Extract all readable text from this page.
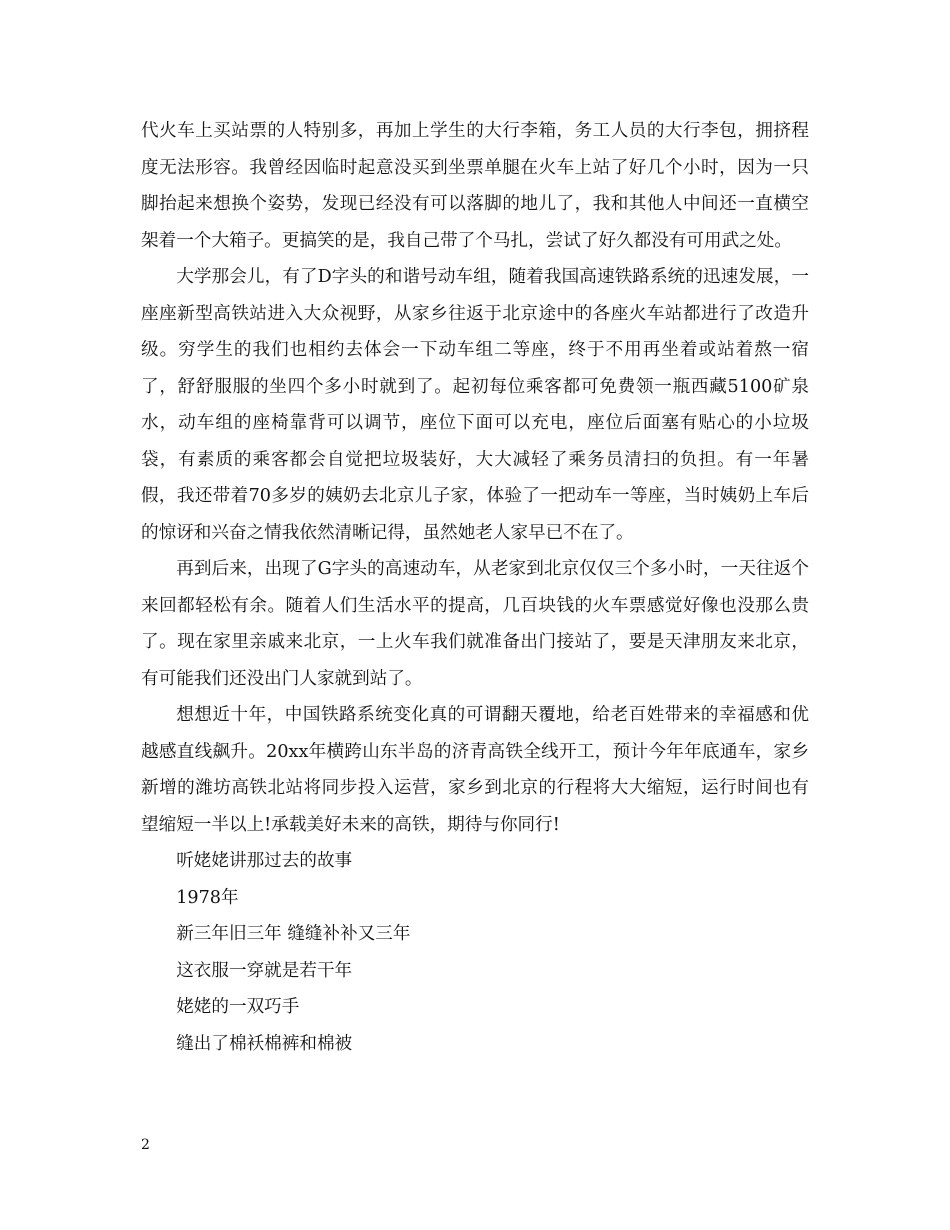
代火车上买站票的人特别多，再加上学生的大行李箱，务工人员的大行李包，拥挤程度无法形容。我曾经因临时起意没买到坐票单腿在火车上站了好几个小时，因为一只脚抬起来想换个姿势，发现已经没有可以落脚的地儿了，我和其他人中间还一直横空架着一个大箱子。更搞笑的是，我自己带了个马扎，尝试了好久都没有可用武之处。

大学那会儿，有了D字头的和谐号动车组，随着我国高速铁路系统的迅速发展，一座座新型高铁站进入大众视野，从家乡往返于北京途中的各座火车站都进行了改造升级。穷学生的我们也相约去体会一下动车组二等座，终于不用再坐着或站着熬一宿了，舒舒服服的坐四个多小时就到了。起初每位乘客都可免费领一瓶西藏5100矿泉水，动车组的座椅靠背可以调节，座位下面可以充电，座位后面塞有贴心的小垃圾袋，有素质的乘客都会自觉把垃圾装好，大大减轻了乘务员清扫的负担。有一年暑假，我还带着70多岁的姨奶去北京儿子家，体验了一把动车一等座，当时姨奶上车后的惊讶和兴奋之情我依然清晰记得，虽然她老人家早已不在了。

再到后来，出现了G字头的高速动车，从老家到北京仅仅三个多小时，一天往返个来回都轻松有余。随着人们生活水平的提高，几百块钱的火车票感觉好像也没那么贵了。现在家里亲戚来北京，一上火车我们就准备出门接站了，要是天津朋友来北京，有可能我们还没出门人家就到站了。

想想近十年，中国铁路系统变化真的可谓翻天覆地，给老百姓带来的幸福感和优越感直线飙升。20xx年横跨山东半岛的济青高铁全线开工，预计今年年底通车，家乡新增的潍坊高铁北站将同步投入运营，家乡到北京的行程将大大缩短，运行时间也有望缩短一半以上!承载美好未来的高铁，期待与你同行!

听姥姥讲那过去的故事

1978年

新三年旧三年 缝缝补补又三年

这衣服一穿就是若干年

姥姥的一双巧手

缝出了棉袄棉裤和棉被

2
